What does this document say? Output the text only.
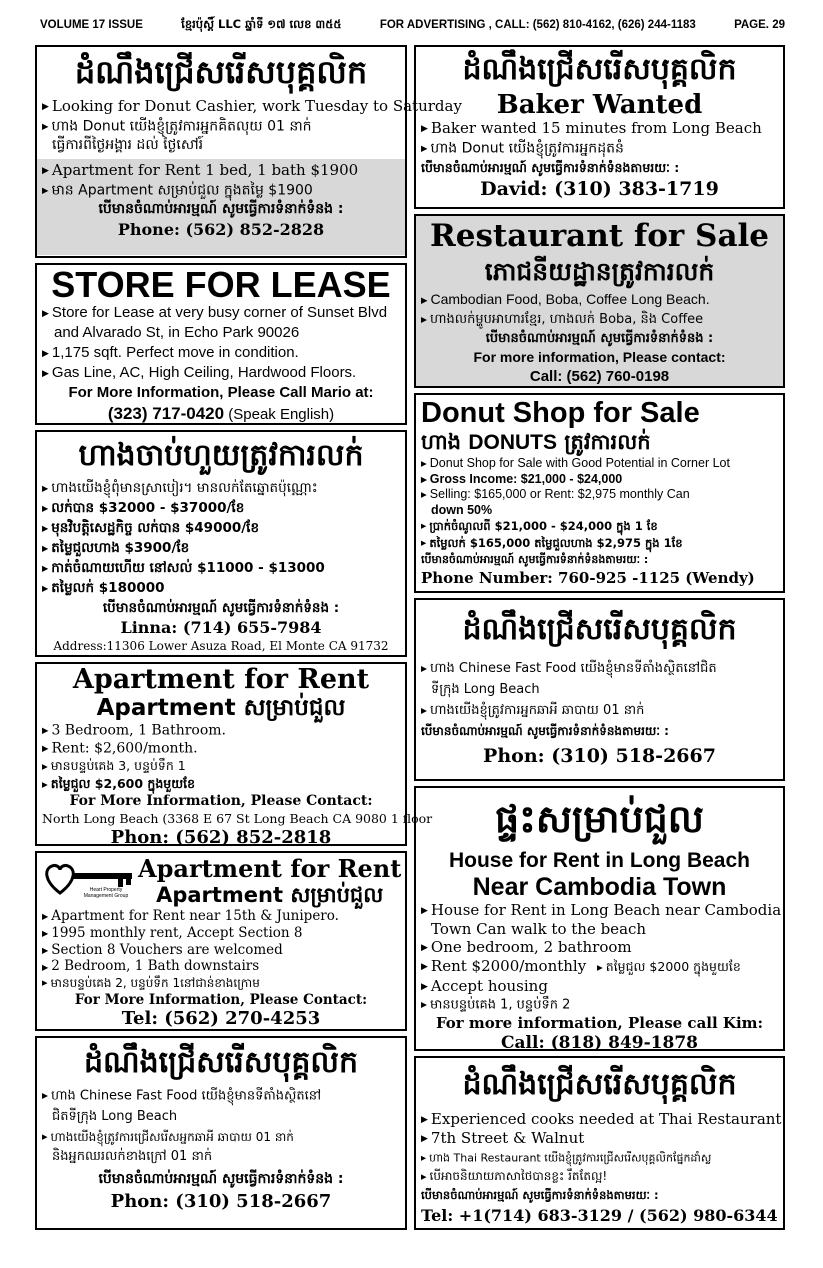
VOLUME 17 ISSUE	ខ្មែរប៉ុស្តិ៍ LLC ឆ្នាំទី ១៧ លេខ ៣៥៥	FOR ADVERTISING , CALL: (562) 810-4162, (626) 244-1183	PAGE. 29
ដំណឹងជ្រើសរើសបុគ្គលិក
▶ Looking for Donut Cashier, work Tuesday to Saturday
▶ ហាង Donut យើងខ្ញុំត្រូវការអ្នកគិតលុយ 01 នាក់
ធ្វើការពីថ្ងៃអង្គារ ដល់ ថ្ងៃសៅរ៍
▶ Apartment for Rent 1 bed, 1 bath $1900
▶ មាន Apartment សម្រាប់ជួល ក្នុងតម្លៃ $1900
បើមានចំណាប់អារម្មណ៍ សូមធ្វើការទំនាក់ទំនង :
Phone: (562) 852-2828
STORE FOR LEASE
▶ Store for Lease at very busy corner of Sunset Blvd
and Alvarado St, in Echo Park 90026
▶ 1,175 sqft. Perfect move in condition.
▶ Gas Line, AC, High Ceiling, Hardwood Floors.
For More Information, Please Call Mario at:
(323) 717-0420 (Speak English)
ហាងចាប់ហួយត្រូវការលក់
▶ ហាងយើងខ្ញុំពុំមានស្រាបៀរ។ មានលក់តែឆ្នោតប៉ុណ្ណោះ
▶ លក់បាន $32000 - $37000/ខែ
▶ មុនវិបត្តិសេដ្ឋកិច្ច លក់បាន $49000/ខែ
▶ តម្លៃជួលហាង $3900/ខែ
▶ កាត់ចំណាយហើយ នៅសល់ $11000 - $13000
▶ តម្លៃលក់ $180000
បើមានចំណាប់អារម្មណ៍ សូមធ្វើការទំនាក់ទំនង :
Linna: (714) 655-7984
Address:11306 Lower Asuza Road, El Monte CA 91732
Apartment for Rent
Apartment សម្រាប់ជួល
▶ 3 Bedroom, 1 Bathroom.
▶ Rent: $2,600/month.
▶ មានបន្ទប់គេង 3, បន្ទប់ទឹក 1
▶ តម្លៃជួល $2,600 ក្នុងមួយខែ
For More Information, Please Contact:
North Long Beach (3368 E 67 St Long Beach CA 9080 1 floor
Phon: (562) 852-2818
Heart Property Management Group
Apartment for Rent
Apartment សម្រាប់ជួល
▶ Apartment for Rent near 15th & Junipero.
▶ 1995 monthly rent, Accept Section 8
▶ Section 8 Vouchers are welcomed
▶ 2 Bedroom, 1 Bath downstairs
▶ មានបន្ទប់គេង 2, បន្ទប់ទឹក 1នៅជាន់ខាងក្រោម
For More Information, Please Contact:
Tel: (562) 270-4253
ដំណឹងជ្រើសរើសបុគ្គលិក
▶ ហាង Chinese Fast Food យើងខ្ញុំមានទីតាំងស្ថិតនៅ
ជិតទីក្រុង Long Beach
▶ ហាងយើងខ្ញុំត្រូវការជ្រើសរើសអ្នកឆាអី ឆាបាយ 01 នាក់
និងអ្នកឈរលក់ខាងក្រៅ 01 នាក់
បើមានចំណាប់អារម្មណ៍ សូមធ្វើការទំនាក់ទំនង :
Phon: (310) 518-2667
ដំណឹងជ្រើសរើសបុគ្គលិក
Baker Wanted
▶ Baker wanted 15 minutes from Long Beach
▶ ហាង Donut យើងខ្ញុំត្រូវការអ្នកដុតនំ
បើមានចំណាប់អារម្មណ៍ សូមធ្វើការទំនាក់ទំនងតាមរយៈ :
David: (310) 383-1719
Restaurant for Sale
ភោជនីយដ្ឋានត្រូវការលក់
▶ Cambodian Food, Boba, Coffee Long Beach.
▶ ហាងលក់ម្ហូបអាហារខ្មែរ, ហាងលក់ Boba, និង Coffee
បើមានចំណាប់អារម្មណ៍ សូមធ្វើការទំនាក់ទំនង :
For more information, Please contact:
Call: (562) 760-0198
Donut Shop for Sale
ហាង DONUTS ត្រូវការលក់
▶ Donut Shop for Sale with Good Potential in Corner Lot
▶ Gross Income: $21,000 - $24,000
▶ Selling: $165,000 or Rent: $2,975 monthly Can
down 50%
▶ ប្រាក់ចំណូលពី $21,000 - $24,000 ក្នុង 1 ខែ
▶ តម្លៃលក់ $165,000 តម្លៃជួលហាង $2,975 ក្នុង 1ខែ
បើមានចំណាប់អារម្មណ៍ សូមធ្វើការទំនាក់ទំនងតាមរយៈ :
Phone Number: 760-925 -1125 (Wendy)
ដំណឹងជ្រើសរើសបុគ្គលិក
▶ ហាង Chinese Fast Food យើងខ្ញុំមានទីតាំងស្ថិតនៅជិត
ទីក្រុង Long Beach
▶ ហាងយើងខ្ញុំត្រូវការអ្នកឆាអី ឆាបាយ 01 នាក់
បើមានចំណាប់អារម្មណ៍ សូមធ្វើការទំនាក់ទំនងតាមរយៈ :
Phon: (310) 518-2667
ផ្ទះសម្រាប់ជួល
House for Rent in Long Beach
Near Cambodia Town
▶ House for Rent in Long Beach near Cambodia
Town Can walk to the beach
▶ One bedroom, 2 bathroom
▶ Rent $2000/monthly ▶ តម្លៃជួល $2000 ក្នុងមួយខែ
▶ Accept housing
▶ មានបន្ទប់គេង 1, បន្ទប់ទឹក 2
For more information, Please call Kim:
Call: (818) 849-1878
ដំណឹងជ្រើសរើសបុគ្គលិក
▶ Experienced cooks needed at Thai Restaurant
▶ 7th Street & Walnut
▶ ហាង Thai Restaurant យើងខ្ញុំត្រូវការជ្រើសរើសបុគ្គលិកផ្នែកដាំស្ល
▶ បើអាចនិយាយភាសាថៃបានខ្លះ រឹតតែល្អ!
បើមានចំណាប់អារម្មណ៍ សូមធ្វើការទំនាក់ទំនងតាមរយៈ :
Tel: +1(714) 683-3129 / (562) 980-6344
